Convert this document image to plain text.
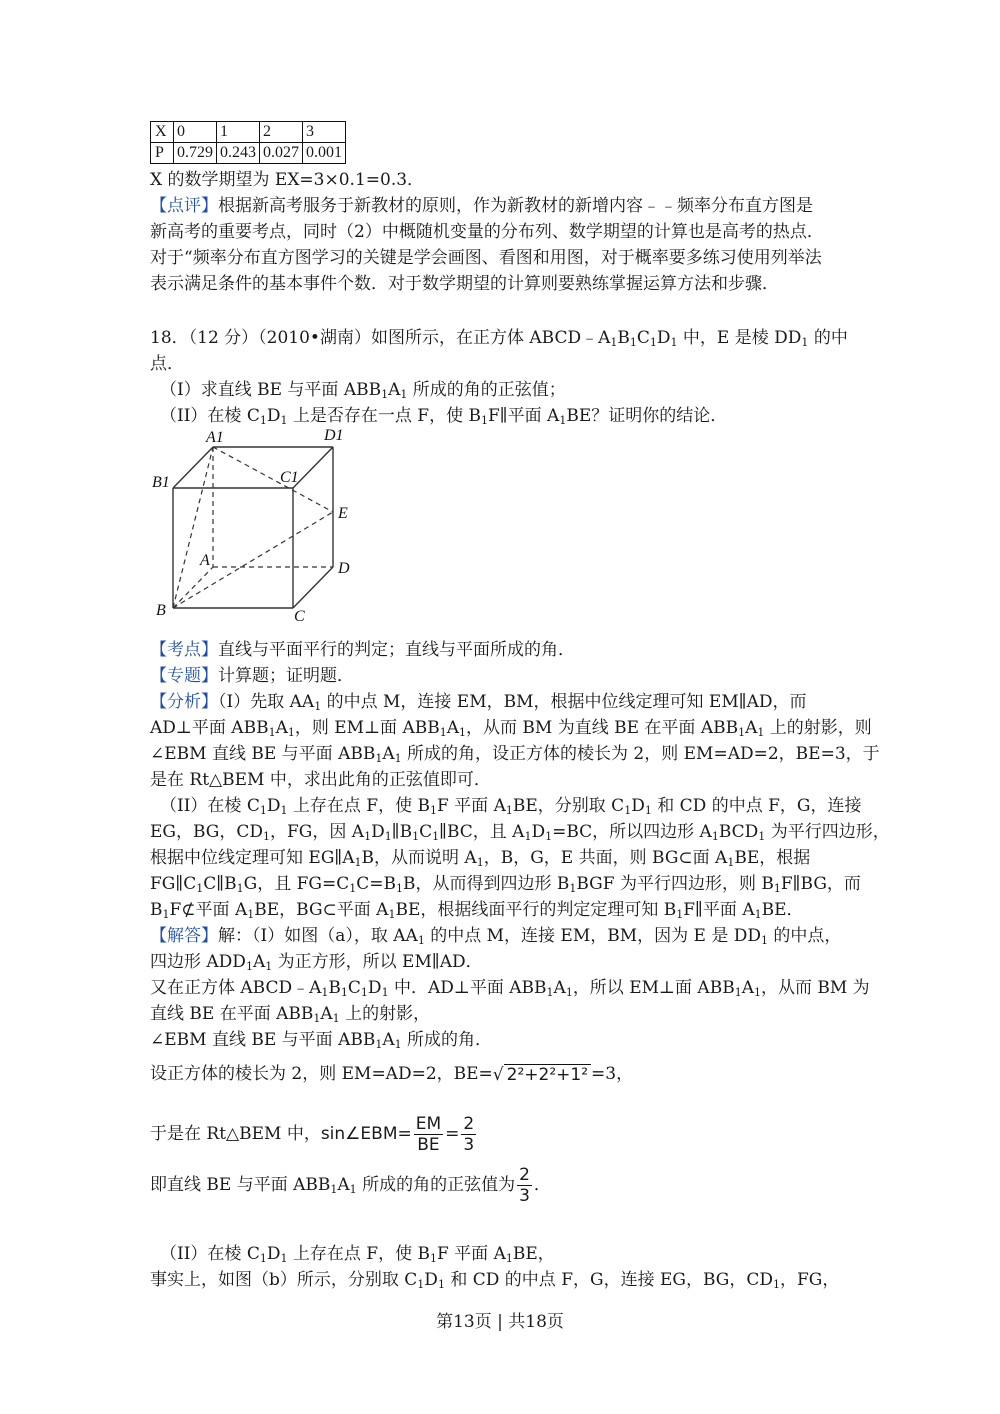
X	0	1	2	3
P	0.729	0.243	0.027	0.001
X 的数学期望为 EX=3×0.1=0.3．
【点评】根据新高考服务于新教材的原则，作为新教材的新增内容﹣﹣频率分布直方图是
新高考的重要考点，同时（2）中概随机变量的分布列、数学期望的计算也是高考的热点．
对于“频率分布直方图学习的关键是学会画图、看图和用图，对于概率要多练习使用列举法
表示满足条件的基本事件个数．对于数学期望的计算则要熟练掌握运算方法和步骤．
18．（12 分）（2010•湖南）如图所示，在正方体 $ABCD﹣A_1B_1C_1D_1$ 中，E 是棱 $DD_1$ 的中
点．
（I）求直线 BE 与平面 $ABB_1A_1$ 所成的角的正弦值；
（II）在棱 $C_1D_1$ 上是否存在一点 F，使 $B_1F\parallel$平面 $A_1BE$？证明你的结论．
A1	D1
B1	C1
E
A	D
B	C
【考点】直线与平面平行的判定；直线与平面所成的角．
【专题】计算题；证明题．
【分析】（I）先取 $AA_1$ 的中点 M，连接 EM，BM，根据中位线定理可知 EM∥AD，而
AD⊥平面 $ABB_1A_1$，则 EM⊥面 $ABB_1A_1$，从而 BM 为直线 BE 在平面 $ABB_1A_1$ 上的射影，则
∠EBM 直线 BE 与平面 $ABB_1A_1$ 所成的角，设正方体的棱长为 2，则 EM=AD=2，BE=3，于
是在 Rt△BEM 中，求出此角的正弦值即可．
（II）在棱 $C_1D_1$ 上存在点 F，使 $B_1F$ 平面 $A_1BE$，分别取 $C_1D_1$ 和 CD 的中点 F，G，连接
EG，BG，$CD_1$，FG，因 $A_1D_1\parallel B_1C_1\parallel BC$，且 $A_1D_1=BC$，所以四边形 $A_1BCD_1$ 为平行四边形，
根据中位线定理可知 $EG\parallel A_1B$，从而说明 $A_1$，B，G，E 共面，则 BG⊂面 $A_1BE$，根据
$FG\parallel C_1C\parallel B_1G$，且 $FG=C_1C=B_1B$，从而得到四边形 $B_1BGF$ 为平行四边形，则 $B_1F\parallel BG$，而
$B_1F⊄$平面 $A_1BE$，BG⊂平面 $A_1BE$，根据线面平行的判定定理可知 $B_1F\parallel$平面 $A_1BE$．
【解答】解：（I）如图（a），取 $AA_1$ 的中点 M，连接 EM，BM，因为 E 是 $DD_1$ 的中点，
四边形 $ADD_1A_1$ 为正方形，所以 EM∥AD．
又在正方体 $ABCD﹣A_1B_1C_1D_1$ 中．AD⊥平面 $ABB_1A_1$，所以 EM⊥面 $ABB_1A_1$，从而 BM 为
直线 BE 在平面 $ABB_1A_1$ 上的射影，
∠EBM 直线 BE 与平面 $ABB_1A_1$ 所成的角．
设正方体的棱长为 2，则 EM=AD=2，BE=√ 2²+2²+1² =3，
于是在 Rt△BEM 中，sin∠EBM= $\frac{EM}{BE} = \frac{2}{3}$
即直线 BE 与平面 $ABB_1A_1$ 所成的角的正弦值为 $\frac{2}{3}$ ．
（II）在棱 $C_1D_1$ 上存在点 F，使 $B_1F$ 平面 $A_1BE$，
事实上，如图（b）所示，分别取 $C_1D_1$ 和 CD 的中点 F，G，连接 EG，BG，$CD_1$，FG，
第13页 | 共18页
